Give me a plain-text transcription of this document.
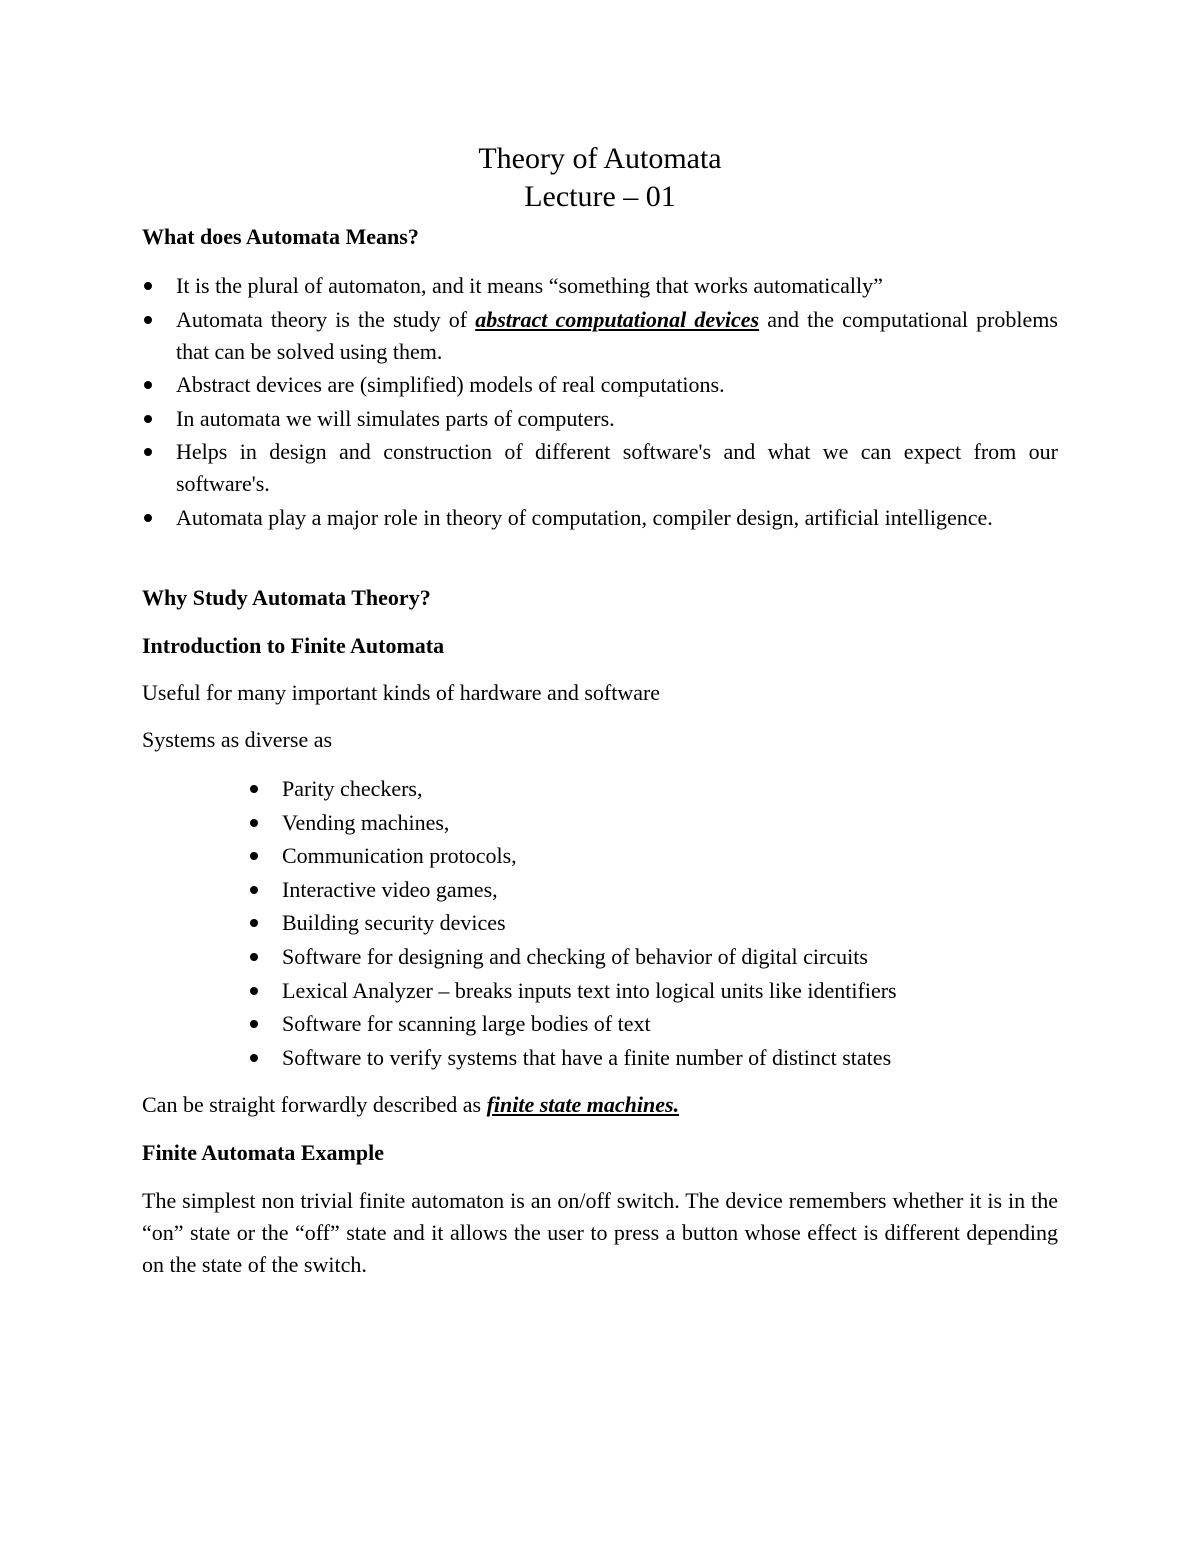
Theory of Automata
Lecture – 01
What does Automata Means?
It is the plural of automaton, and it means “something that works automatically”
Automata theory is the study of abstract computational devices and the computational problems that can be solved using them.
Abstract devices are (simplified) models of real computations.
In automata we will simulates parts of computers.
Helps in design and construction of different software's and what we can expect from our software's.
Automata play a major role in theory of computation, compiler design, artificial intelligence.
Why Study Automata Theory?
Introduction to Finite Automata

Useful for many important kinds of hardware and software

Systems as diverse as

Parity checkers,
Vending machines,
Communication protocols,
Interactive video games,
Building security devices
Software for designing and checking of behavior of digital circuits
Lexical Analyzer – breaks inputs text into logical units like identifiers
Software for scanning large bodies of text
Software to verify systems that have a finite number of distinct states

Can be straight forwardly described as finite state machines.

Finite Automata Example

The simplest non trivial finite automaton is an on/off switch. The device remembers whether it is in the “on” state or the “off” state and it allows the user to press a button whose effect is different depending on the state of the switch.
